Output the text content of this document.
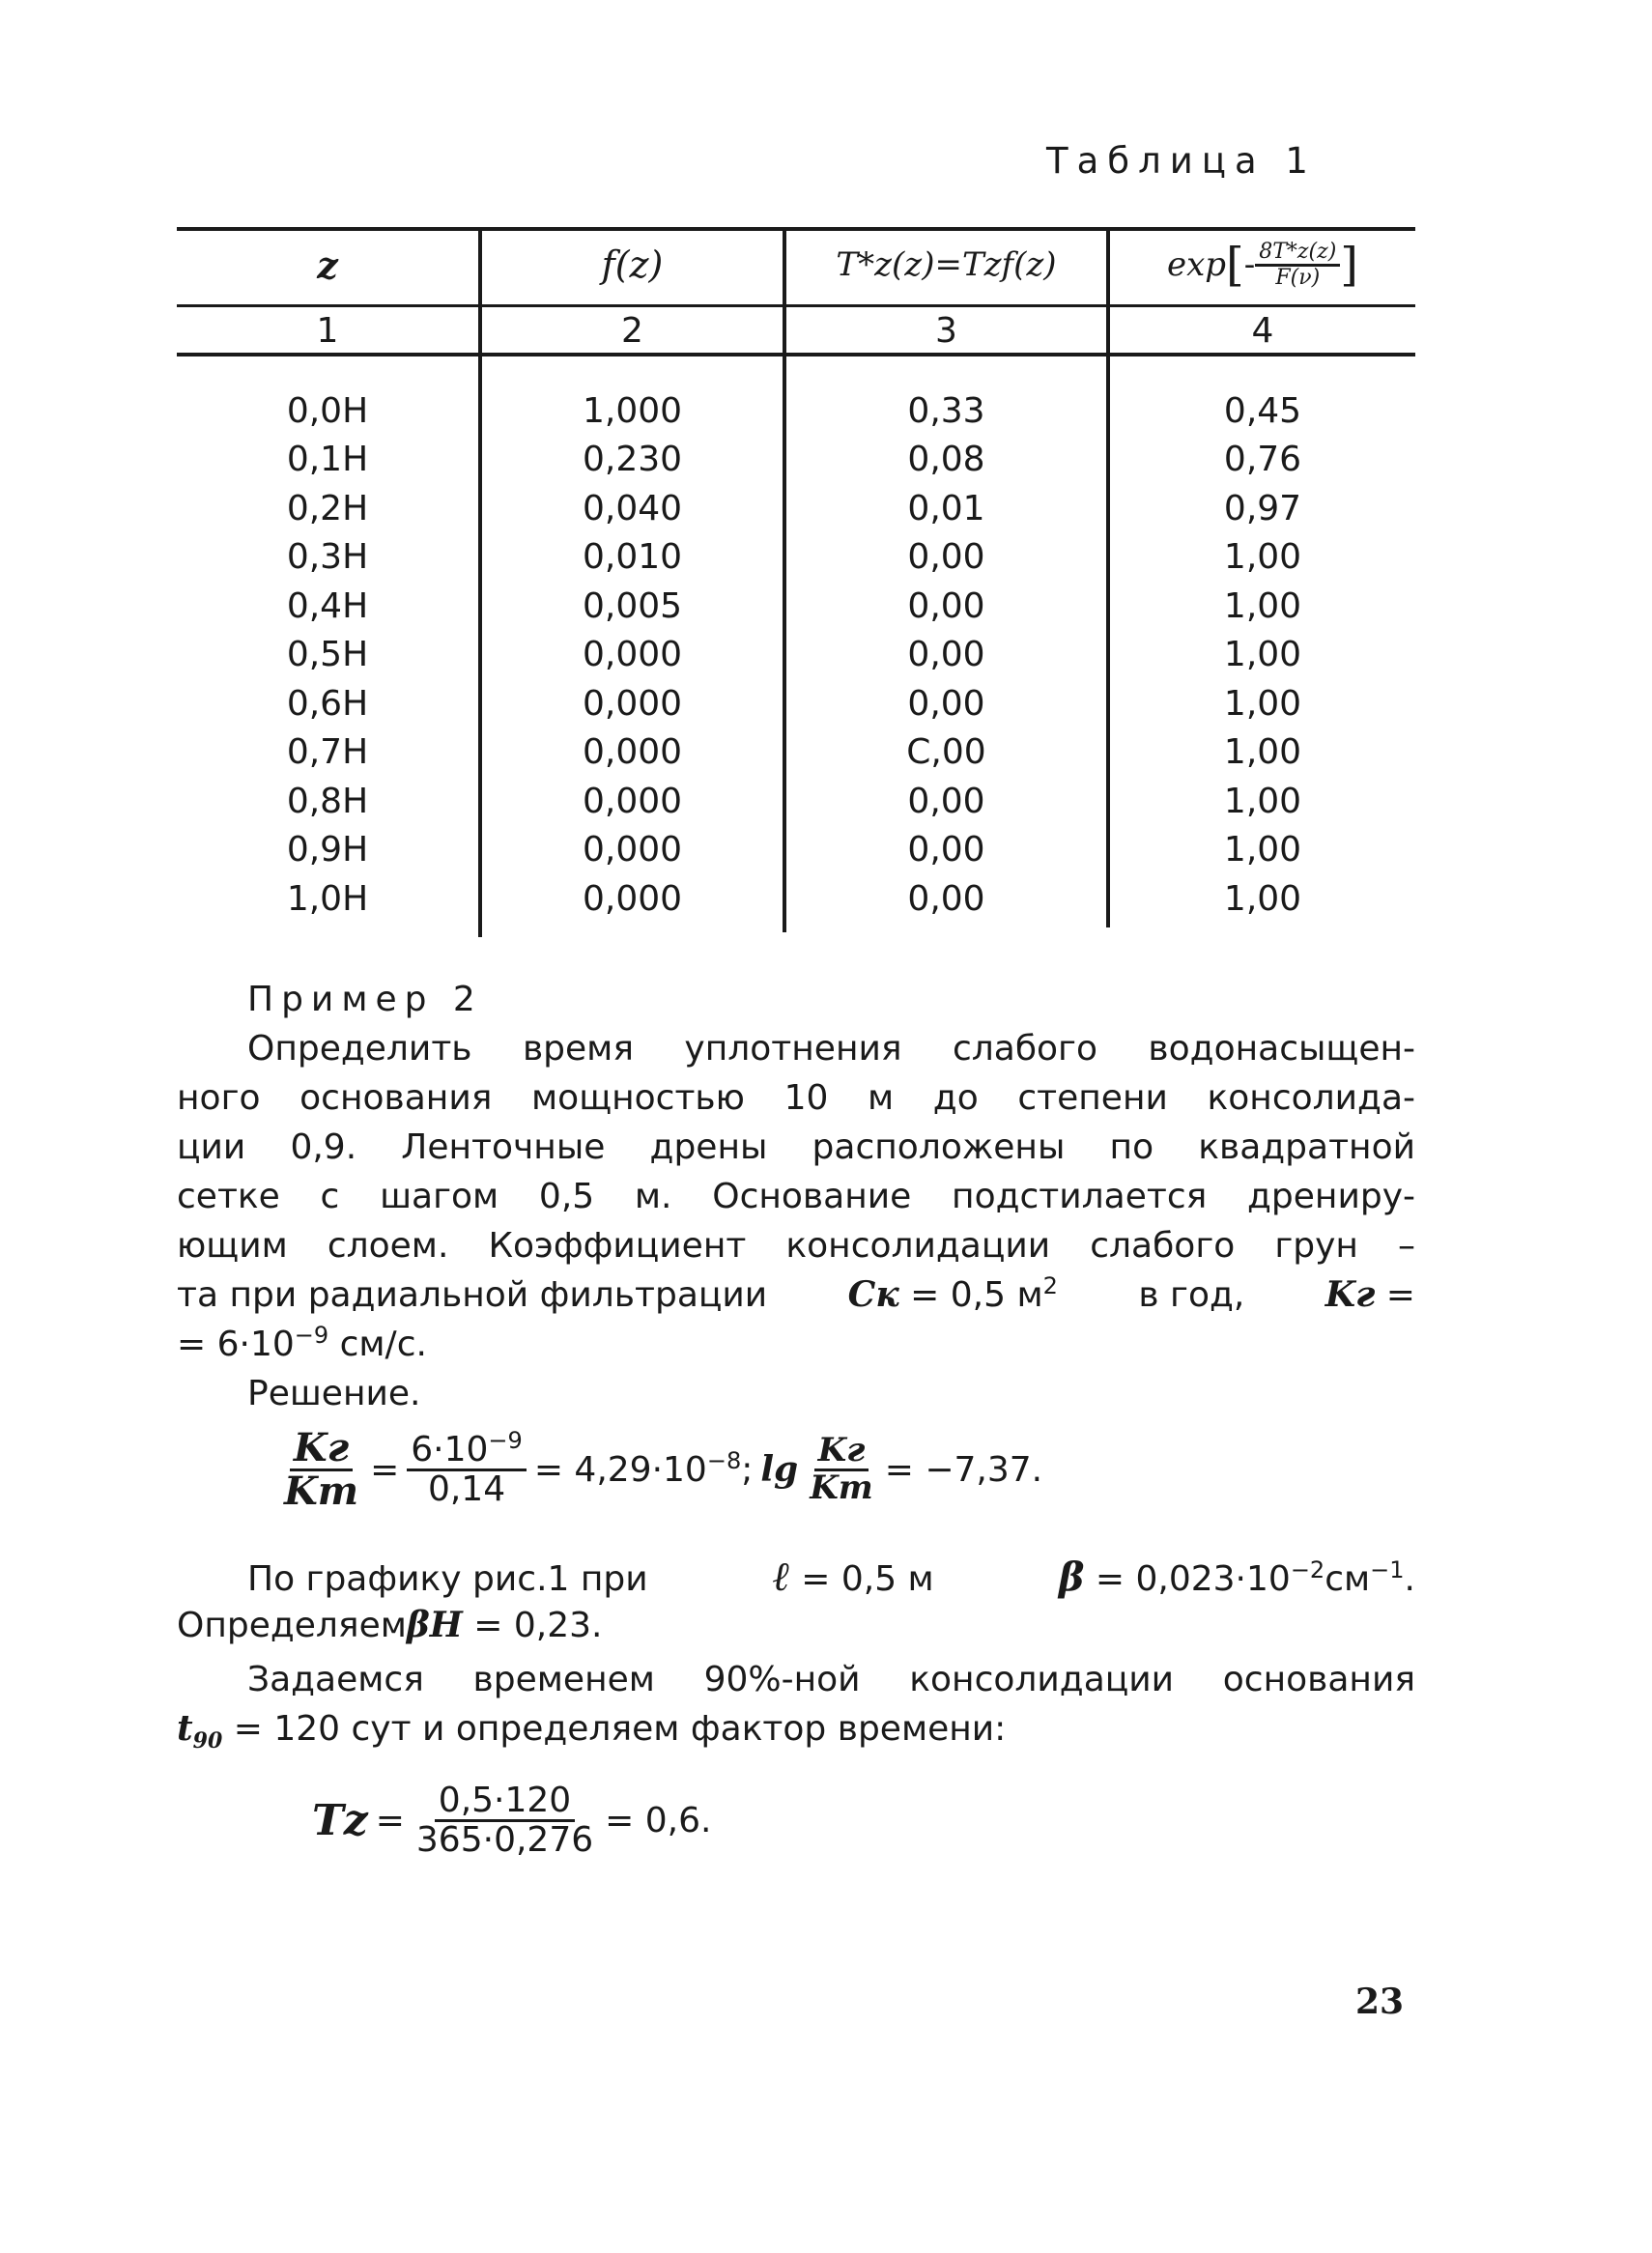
Таблица 1
z	f(z)	T*z(z)=Tzf(z)	exp [ - $\frac{8T*z(z)}{F(\nu)}$ ]
1	2	3	4
0,0H	1,000	0,33	0,45
0,1H	0,230	0,08	0,76
0,2H	0,040	0,01	0,97
0,3H	0,010	0,00	1,00
0,4H	0,005	0,00	1,00
0,5H	0,000	0,00	1,00
0,6H	0,000	0,00	1,00
0,7H	0,000	C,00	1,00
0,8H	0,000	0,00	1,00
0,9H	0,000	0,00	1,00
1,0H	0,000	0,00	1,00
Пример 2
Определить время уплотнения слабого водонасыщен-
ного основания мощностью 10 м до степени консолида-
ции 0,9. Ленточные дрены расположены по квадратной
сетке с шагом 0,5 м. Основание подстилается дрениру-
ющим слоем. Коэффициент консолидации слабого грун –
та при радиальной фильтрации Cк = 0,5 $м^2$ в год, Kг =
= $6\cdot 10^{-9}$ см/с.
Решение.
$\frac{Kг}{Kт} = \frac{6\cdot 10^{-9}}{0,14} = 4,29\cdot 10^{-8}$; $\lg \frac{Kг}{Kт} = -7,37$.
По графику рис.1 при	ℓ = 0,5 м	$\beta = 0,023\cdot 10^{-2}см^{-1}$.
ОпределяемβH = 0,23.
Задаемся временем 90%-ной консолидации основания
$t_{90} = 120$ сут и определяем фактор времени:
$Tz = \frac{0,5\cdot 120}{365\cdot 0,276} = 0,6$.
23
